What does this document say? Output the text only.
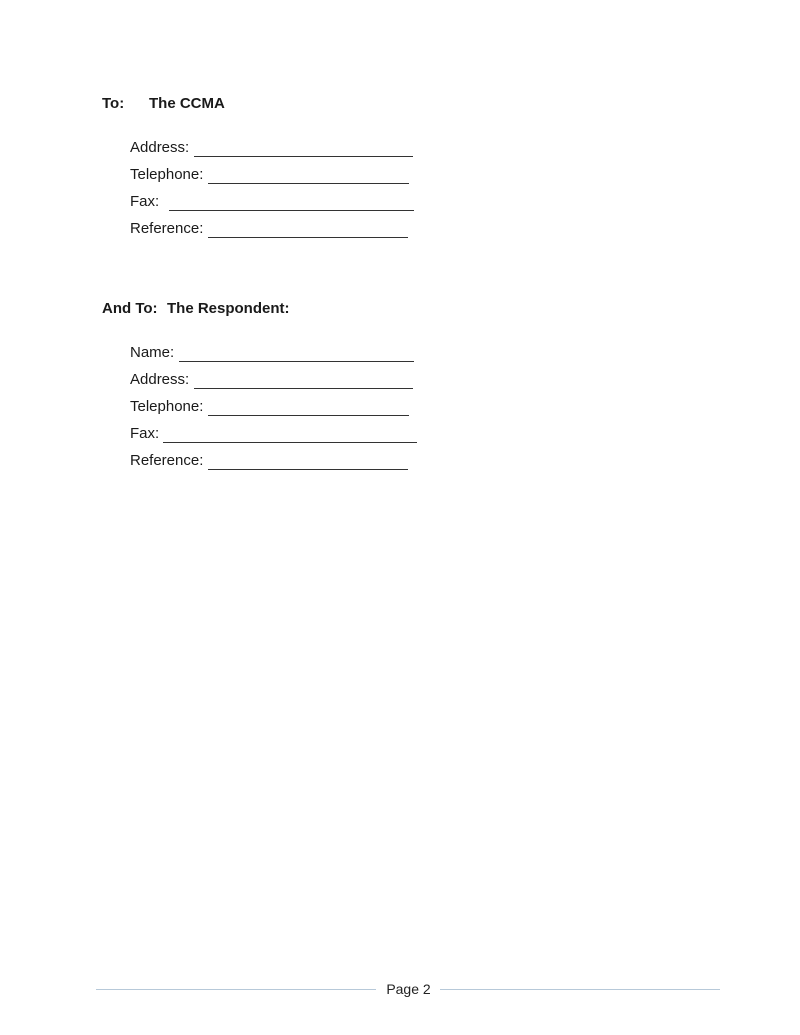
To: The CCMA
Address:
Telephone:
Fax:
Reference:
And To: The Respondent:
Name:
Address:
Telephone:
Fax:
Reference:
Page 2
